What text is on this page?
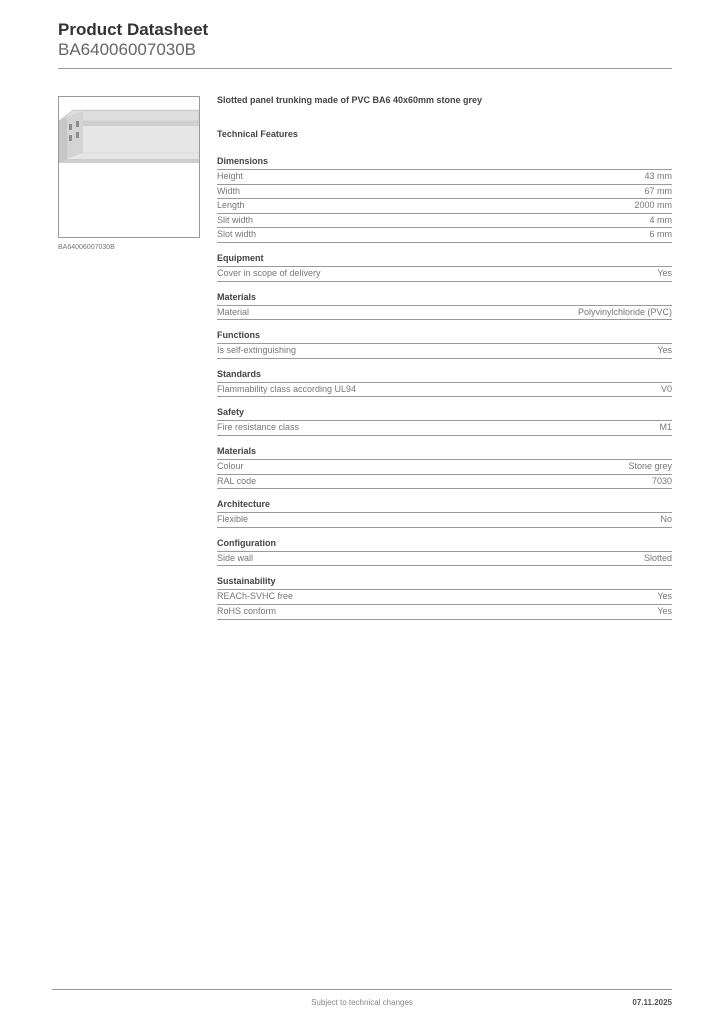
Product Datasheet

BA64006007030B

BA64006007030B
Slotted panel trunking made of PVC BA6 40x60mm stone grey
Technical Features
Dimensions
Height	43 mm
Width	67 mm
Length	2000 mm
Slit width	4 mm
Slot width	6 mm
Equipment
Cover in scope of delivery	Yes
Materials
Material	Polyvinylchloride (PVC)
Functions
Is self-extinguishing	Yes
Standards
Flammability class according UL94	V0
Safety
Fire resistance class	M1
Materials
Colour	Stone grey
RAL code	7030
Architecture
Flexible	No
Configuration
Side wall	Slotted
Sustainability
REACh-SVHC free	Yes
RoHS conform	Yes
Subject to technical changes	07.11.2025
